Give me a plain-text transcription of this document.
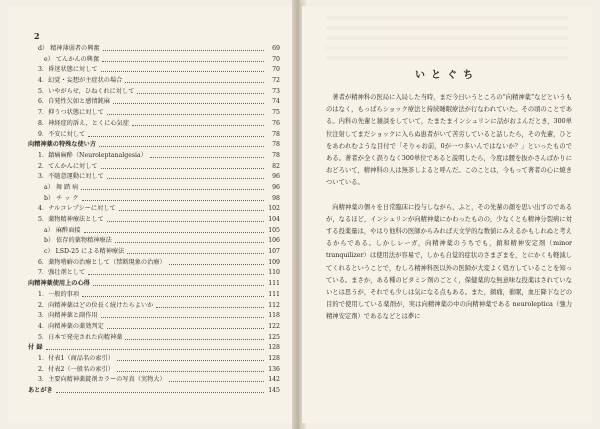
2
d） 精神薄弱者の興奮	69
e） てんかんの興奮	70
3．昏迷状態に対して	70
4．幻覚・妄想が主症状の場合	72
5．いやがらせ，ひねくれに対して	73
6．自発性欠如と感情鈍麻	74
7．抑うつ状態に対して	75
8．神経症的訴え，とくに心気症	76
9．不安に対して	78
向精神薬の特殊な使い方	78
1．鎮痛麻酔（Neuroleptanalgesia）	78
2．てんかんに対して	82
3．不随意運動に対して	96
a） 舞 踏 病	96
b） チ ッ ク	98
4．ナルコレプシーに対して	102
5．薬物精神療法として	104
a） 麻酔面接	105
b） 依存的薬物精神療法	106
c） LSD-25 による精神療法	107
6．薬物嗜癖の治療として（禁断現象の治療）	109
7．強壮剤として	110
向精神薬使用上の心得	111
1．一般的事項	111
2．向精神薬はどの位長く続けたらよいか	112
3．向精神薬と副作用	118
4．向精神薬の薬効判定	122
5．日本で発売された向精神薬	125
付 録	128
1．付表1（商品名の索引）	128
2．付表2（一般名の索引）	136
3．主要向精神薬錠剤カラーの写真（実物大）	142
あとがき	145
いとぐち

著者が精神科の医局に入局した当時，まだ今日いうところの“向精神薬”などというものはなく，もっぱらショック療法と持続睡眠療法が行なわれていた。その頃のことである。内科の先輩と雑談をしていて，たまたまインシュリンに話がおよんだとき，300単位注射してまだショックに入らぬ患者がいて苦労していると話したら，その先輩，ひとをあわれむような目付で「そりゃお前，0が一つ多いんではないか？」といったものである。著者が全く誤りなく300単位であると説明したら，今度は腰を抜かさんばかりにおどろいて，精神科の人は無茶しよると呼んだ。このことは，今もって著者の心に焼きついている。

向精神薬の個々を日常臨床に投与しながら，ふと，その先輩の顔を思い出すのであるが，なるほど，インシュリンが向精神薬にかわったものの，少なくとも精神分裂病に対する投薬量は，やはり他科の医師からみれば天文学的な数値にみえるかもしれぬと考えるからである。しかしレーガ，向精神薬のうちでも，鎮和精神安定剤（minor tranquilizer）は使用法が容易で，しかも自覚的症状のさまざまを，とにかくも軽減してくれるということで，むしろ精神科医以外の医師が大変よく処方していることを知っている。まさか，ある種のビタミン剤のごとく，保健薬的な無意味な投薬はされていないとは思うが，それでも少しは気になる点もある。また，鎮痛，催眠，血圧降下などの目的で使用している薬剤が，実は向精神薬の中の向精神薬である neuroleptica（強力精神安定剤）であるなどとは夢に
